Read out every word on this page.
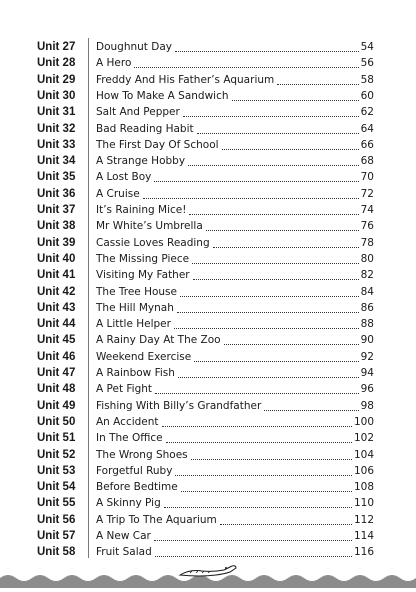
Unit 27 Doughnut Day	54
Unit 28 A Hero	56
Unit 29 Freddy And His Father’s Aquarium	58
Unit 30 How To Make A Sandwich	60
Unit 31 Salt And Pepper	62
Unit 32 Bad Reading Habit	64
Unit 33 The First Day Of School	66
Unit 34 A Strange Hobby	68
Unit 35 A Lost Boy	70
Unit 36 A Cruise	72
Unit 37 It’s Raining Mice!	74
Unit 38 Mr White’s Umbrella	76
Unit 39 Cassie Loves Reading	78
Unit 40 The Missing Piece	80
Unit 41 Visiting My Father	82
Unit 42 The Tree House	84
Unit 43 The Hill Mynah	86
Unit 44 A Little Helper	88
Unit 45 A Rainy Day At The Zoo	90
Unit 46 Weekend Exercise	92
Unit 47 A Rainbow Fish	94
Unit 48 A Pet Fight	96
Unit 49 Fishing With Billy’s Grandfather	98
Unit 50 An Accident	100
Unit 51 In The Office	102
Unit 52 The Wrong Shoes	104
Unit 53 Forgetful Ruby	106
Unit 54 Before Bedtime	108
Unit 55 A Skinny Pig	110
Unit 56 A Trip To The Aquarium	112
Unit 57 A New Car	114
Unit 58 Fruit Salad	116
